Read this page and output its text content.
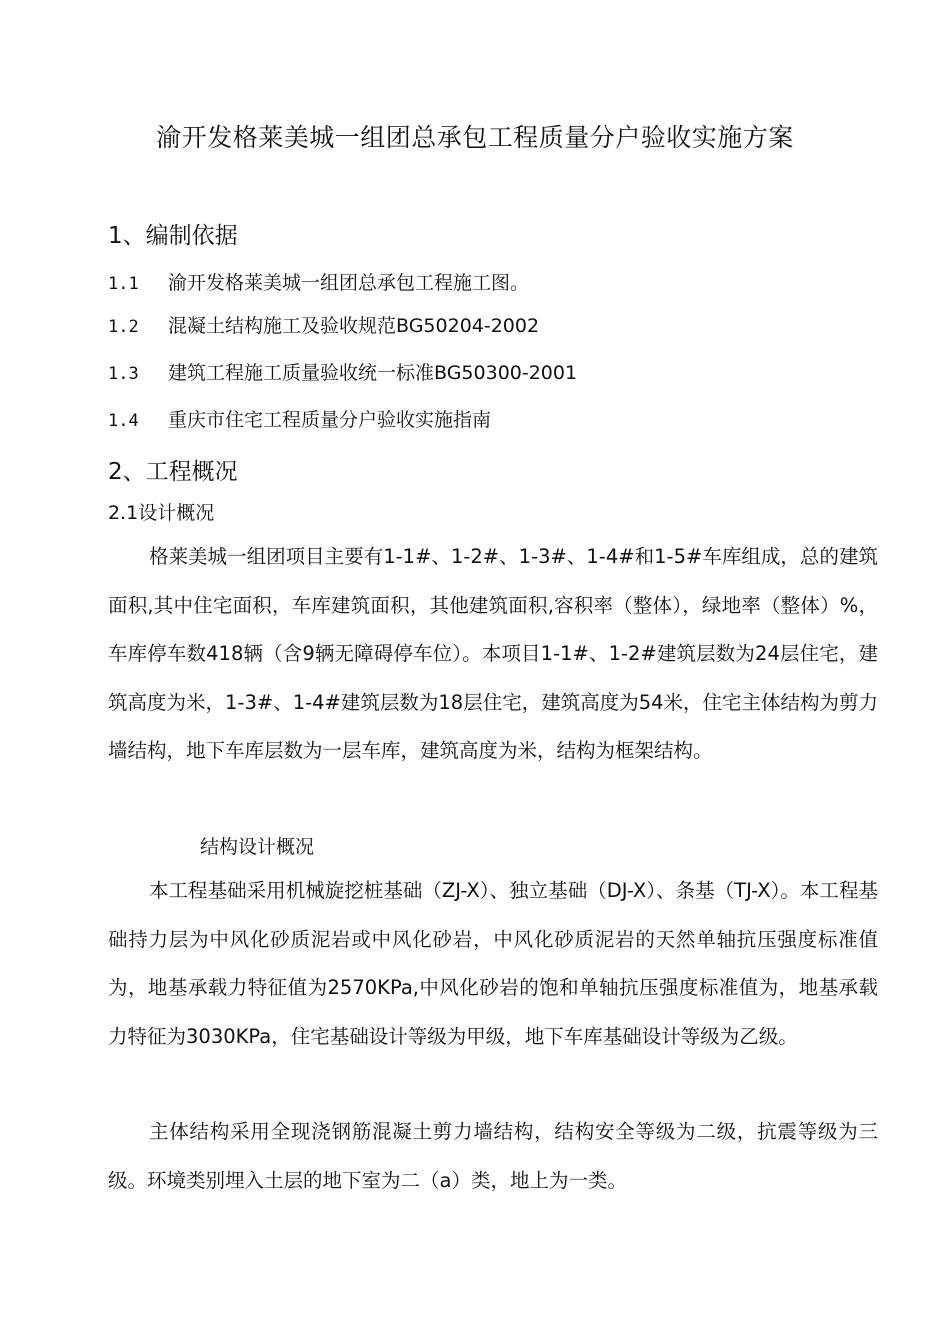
渝开发格莱美城一组团总承包工程质量分户验收实施方案
1、编制依据

1.1 渝开发格莱美城一组团总承包工程施工图。

1.2 混凝土结构施工及验收规范BG50204-2002

1.3 建筑工程施工质量验收统一标准BG50300-2001

1.4 重庆市住宅工程质量分户验收实施指南

2、工程概况
2.1设计概况

格莱美城一组团项目主要有1-1#、1-2#、1-3#、1-4#和1-5#车库组成，总的建筑面积,其中住宅面积，车库建筑面积，其他建筑面积,容积率（整体），绿地率（整体）%，车库停车数418辆（含9辆无障碍停车位）。本项目1-1#、1-2#建筑层数为24层住宅，建筑高度为米，1-3#、1-4#建筑层数为18层住宅，建筑高度为54米，住宅主体结构为剪力墙结构，地下车库层数为一层车库，建筑高度为米，结构为框架结构。

结构设计概况

本工程基础采用机械旋挖桩基础（ZJ-X）、独立基础（DJ-X）、条基（TJ-X）。本工程基础持力层为中风化砂质泥岩或中风化砂岩，中风化砂质泥岩的天然单轴抗压强度标准值为，地基承载力特征值为2570KPa,中风化砂岩的饱和单轴抗压强度标准值为，地基承载力特征为3030KPa，住宅基础设计等级为甲级，地下车库基础设计等级为乙级。

主体结构采用全现浇钢筋混凝土剪力墙结构，结构安全等级为二级，抗震等级为三级。环境类别埋入土层的地下室为二（a）类，地上为一类。
